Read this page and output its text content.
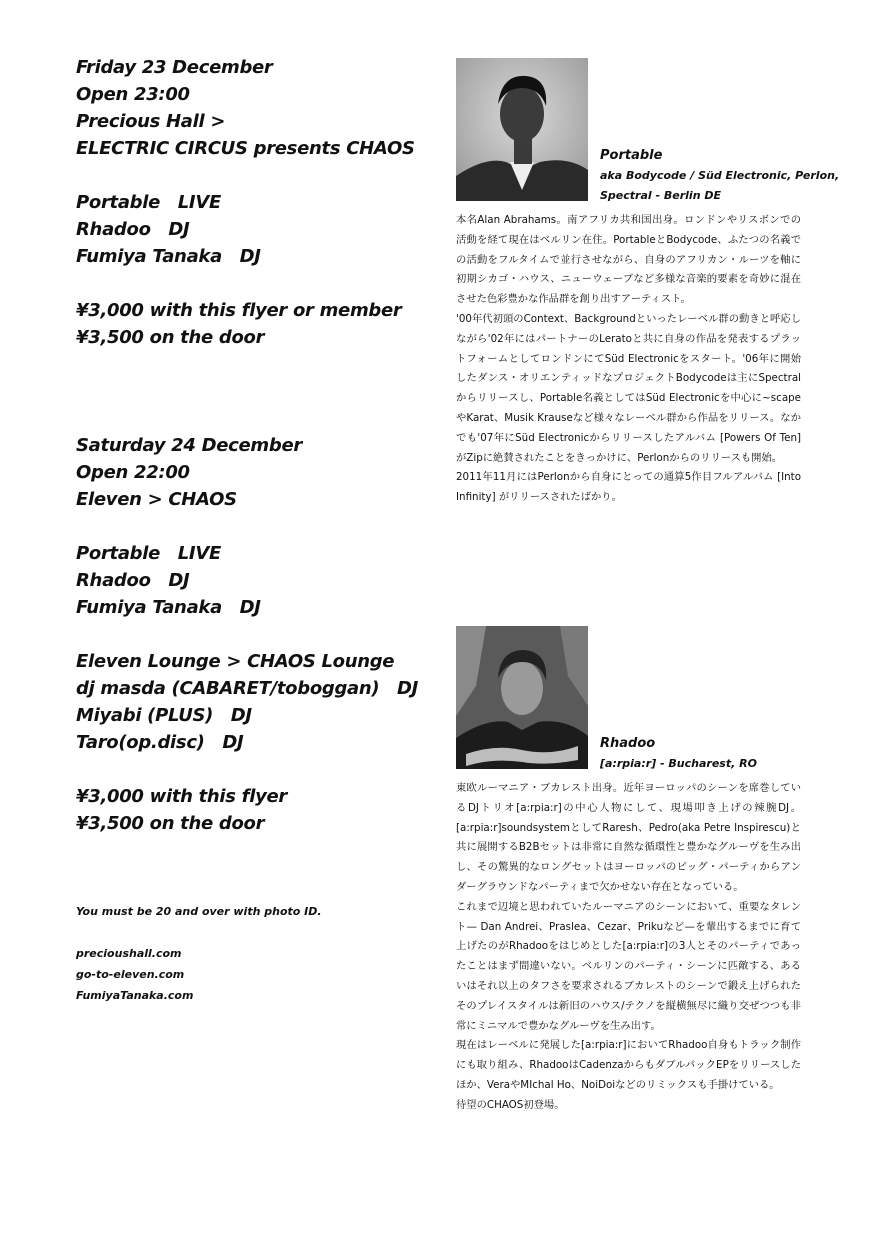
Friday 23 December
Open 23:00
Precious Hall >
ELECTRIC CIRCUS presents CHAOS
Portable　LIVE
Rhadoo　DJ
Fumiya Tanaka　DJ
¥3,000 with this flyer or member
¥3,500 on the door
Saturday 24 December
Open 22:00
Eleven > CHAOS
Portable　LIVE
Rhadoo　DJ
Fumiya Tanaka　DJ
Eleven Lounge > CHAOS Lounge
dj masda (CABARET/toboggan)　DJ
Miyabi (PLUS)　DJ
Taro(op.disc)　DJ
¥3,000 with this flyer
¥3,500 on the door
You must be 20 and over with photo ID.
precioushall.com
go-to-eleven.com
FumiyaTanaka.com
Portable
aka Bodycode / Süd Electronic, Perlon,
Spectral - Berlin DE

本名Alan Abrahams。南アフリカ共和国出身。ロンドンやリスボンでの活動を経て現在はベルリン在住。PortableとBodycode、ふたつの名義での活動をフルタイムで並行させながら、自身のアフリカン・ルーツを軸に初期シカゴ・ハウス、ニューウェーブなど多様な音楽的要素を奇妙に混在させた色彩豊かな作品群を創り出すアーティスト。

'00年代初頭のContext、Backgroundといったレーベル群の動きと呼応しながら'02年にはパートナーのLeratoと共に自身の作品を発表するプラットフォームとしてロンドンにてSüd Electronicをスタート。'06年に開始したダンス・オリエンティッドなプロジェクトBodycodeは主にSpectralからリリースし、Portable名義としてはSüd Electronicを中心に~scapeやKarat、Musik Krauseなど様々なレーベル群から作品をリリース。なかでも'07年にSüd Electronicからリリースしたアルバム [Powers Of Ten] がZipに絶賛されたことをきっかけに、Perlonからのリリースも開始。

2011年11月にはPerlonから自身にとっての通算5作目フルアルバム [Into Infinity] がリリースされたばかり。

Rhadoo
[a:rpia:r] - Bucharest, RO

東欧ルーマニア・ブカレスト出身。近年ヨーロッパのシーンを席巻しているDJトリオ[a:rpia:r]の中心人物にして、現場叩き上げの辣腕DJ。[a:rpia:r]soundsystemとしてRaresh、Pedro(aka Petre Inspirescu)と共に展開するB2Bセットは非常に自然な循環性と豊かなグルーヴを生み出し、その驚異的なロングセットはヨーロッパのビッグ・パーティからアンダーグラウンドなパーティまで欠かせない存在となっている。

これまで辺境と思われていたルーマニアのシーンにおいて、重要なタレント— Dan Andrei、Praslea、Cezar、Prikuなど—を輩出するまでに育て上げたのがRhadooをはじめとした[a:rpia:r]の3人とそのパーティであったことはまず間違いない。ベルリンのパーティ・シーンに匹敵する、あるいはそれ以上のタフさを要求されるブカレストのシーンで鍛え上げられたそのプレイスタイルは新旧のハウス/テクノを縦横無尽に織り交ぜつつも非常にミニマルで豊かなグルーヴを生み出す。

現在はレーベルに発展した[a:rpia:r]においてRhadoo自身もトラック制作にも取り組み、RhadooはCadenzaからもダブルパックEPをリリースしたほか、VeraやMIchal Ho、NoiDoiなどのリミックスも手掛けている。

待望のCHAOS初登場。
